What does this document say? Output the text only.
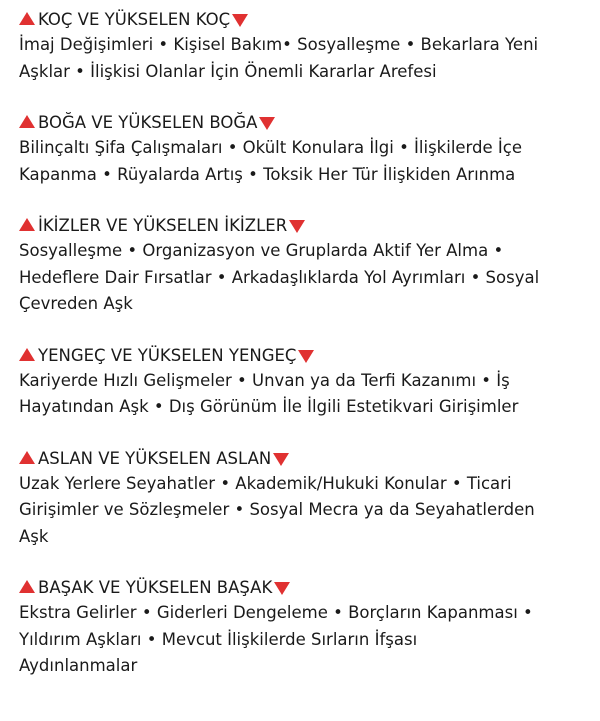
KOÇ VE YÜKSELEN KOÇ
İmaj Değişimleri • Kişisel Bakım• Sosyalleşme • Bekarlara Yeni
Aşklar • İlişkisi Olanlar İçin Önemli Kararlar Arefesi
BOĞA VE YÜKSELEN BOĞA
Bilinçaltı Şifa Çalışmaları • Okült Konulara İlgi • İlişkilerde İçe
Kapanma • Rüyalarda Artış • Toksik Her Tür İlişkiden Arınma
İKİZLER VE YÜKSELEN İKİZLER
Sosyalleşme • Organizasyon ve Gruplarda Aktif Yer Alma •
Hedeflere Dair Fırsatlar • Arkadaşlıklarda Yol Ayrımları • Sosyal
Çevreden Aşk
YENGEÇ VE YÜKSELEN YENGEÇ
Kariyerde Hızlı Gelişmeler • Unvan ya da Terfi Kazanımı • İş
Hayatından Aşk • Dış Görünüm İle İlgili Estetikvari Girişimler
ASLAN VE YÜKSELEN ASLAN
Uzak Yerlere Seyahatler • Akademik/Hukuki Konular • Ticari
Girişimler ve Sözleşmeler • Sosyal Mecra ya da Seyahatlerden
Aşk
BAŞAK VE YÜKSELEN BAŞAK
Ekstra Gelirler • Giderleri Dengeleme • Borçların Kapanması •
Yıldırım Aşkları • Mevcut İlişkilerde Sırların İfşası
Aydınlanmalar
